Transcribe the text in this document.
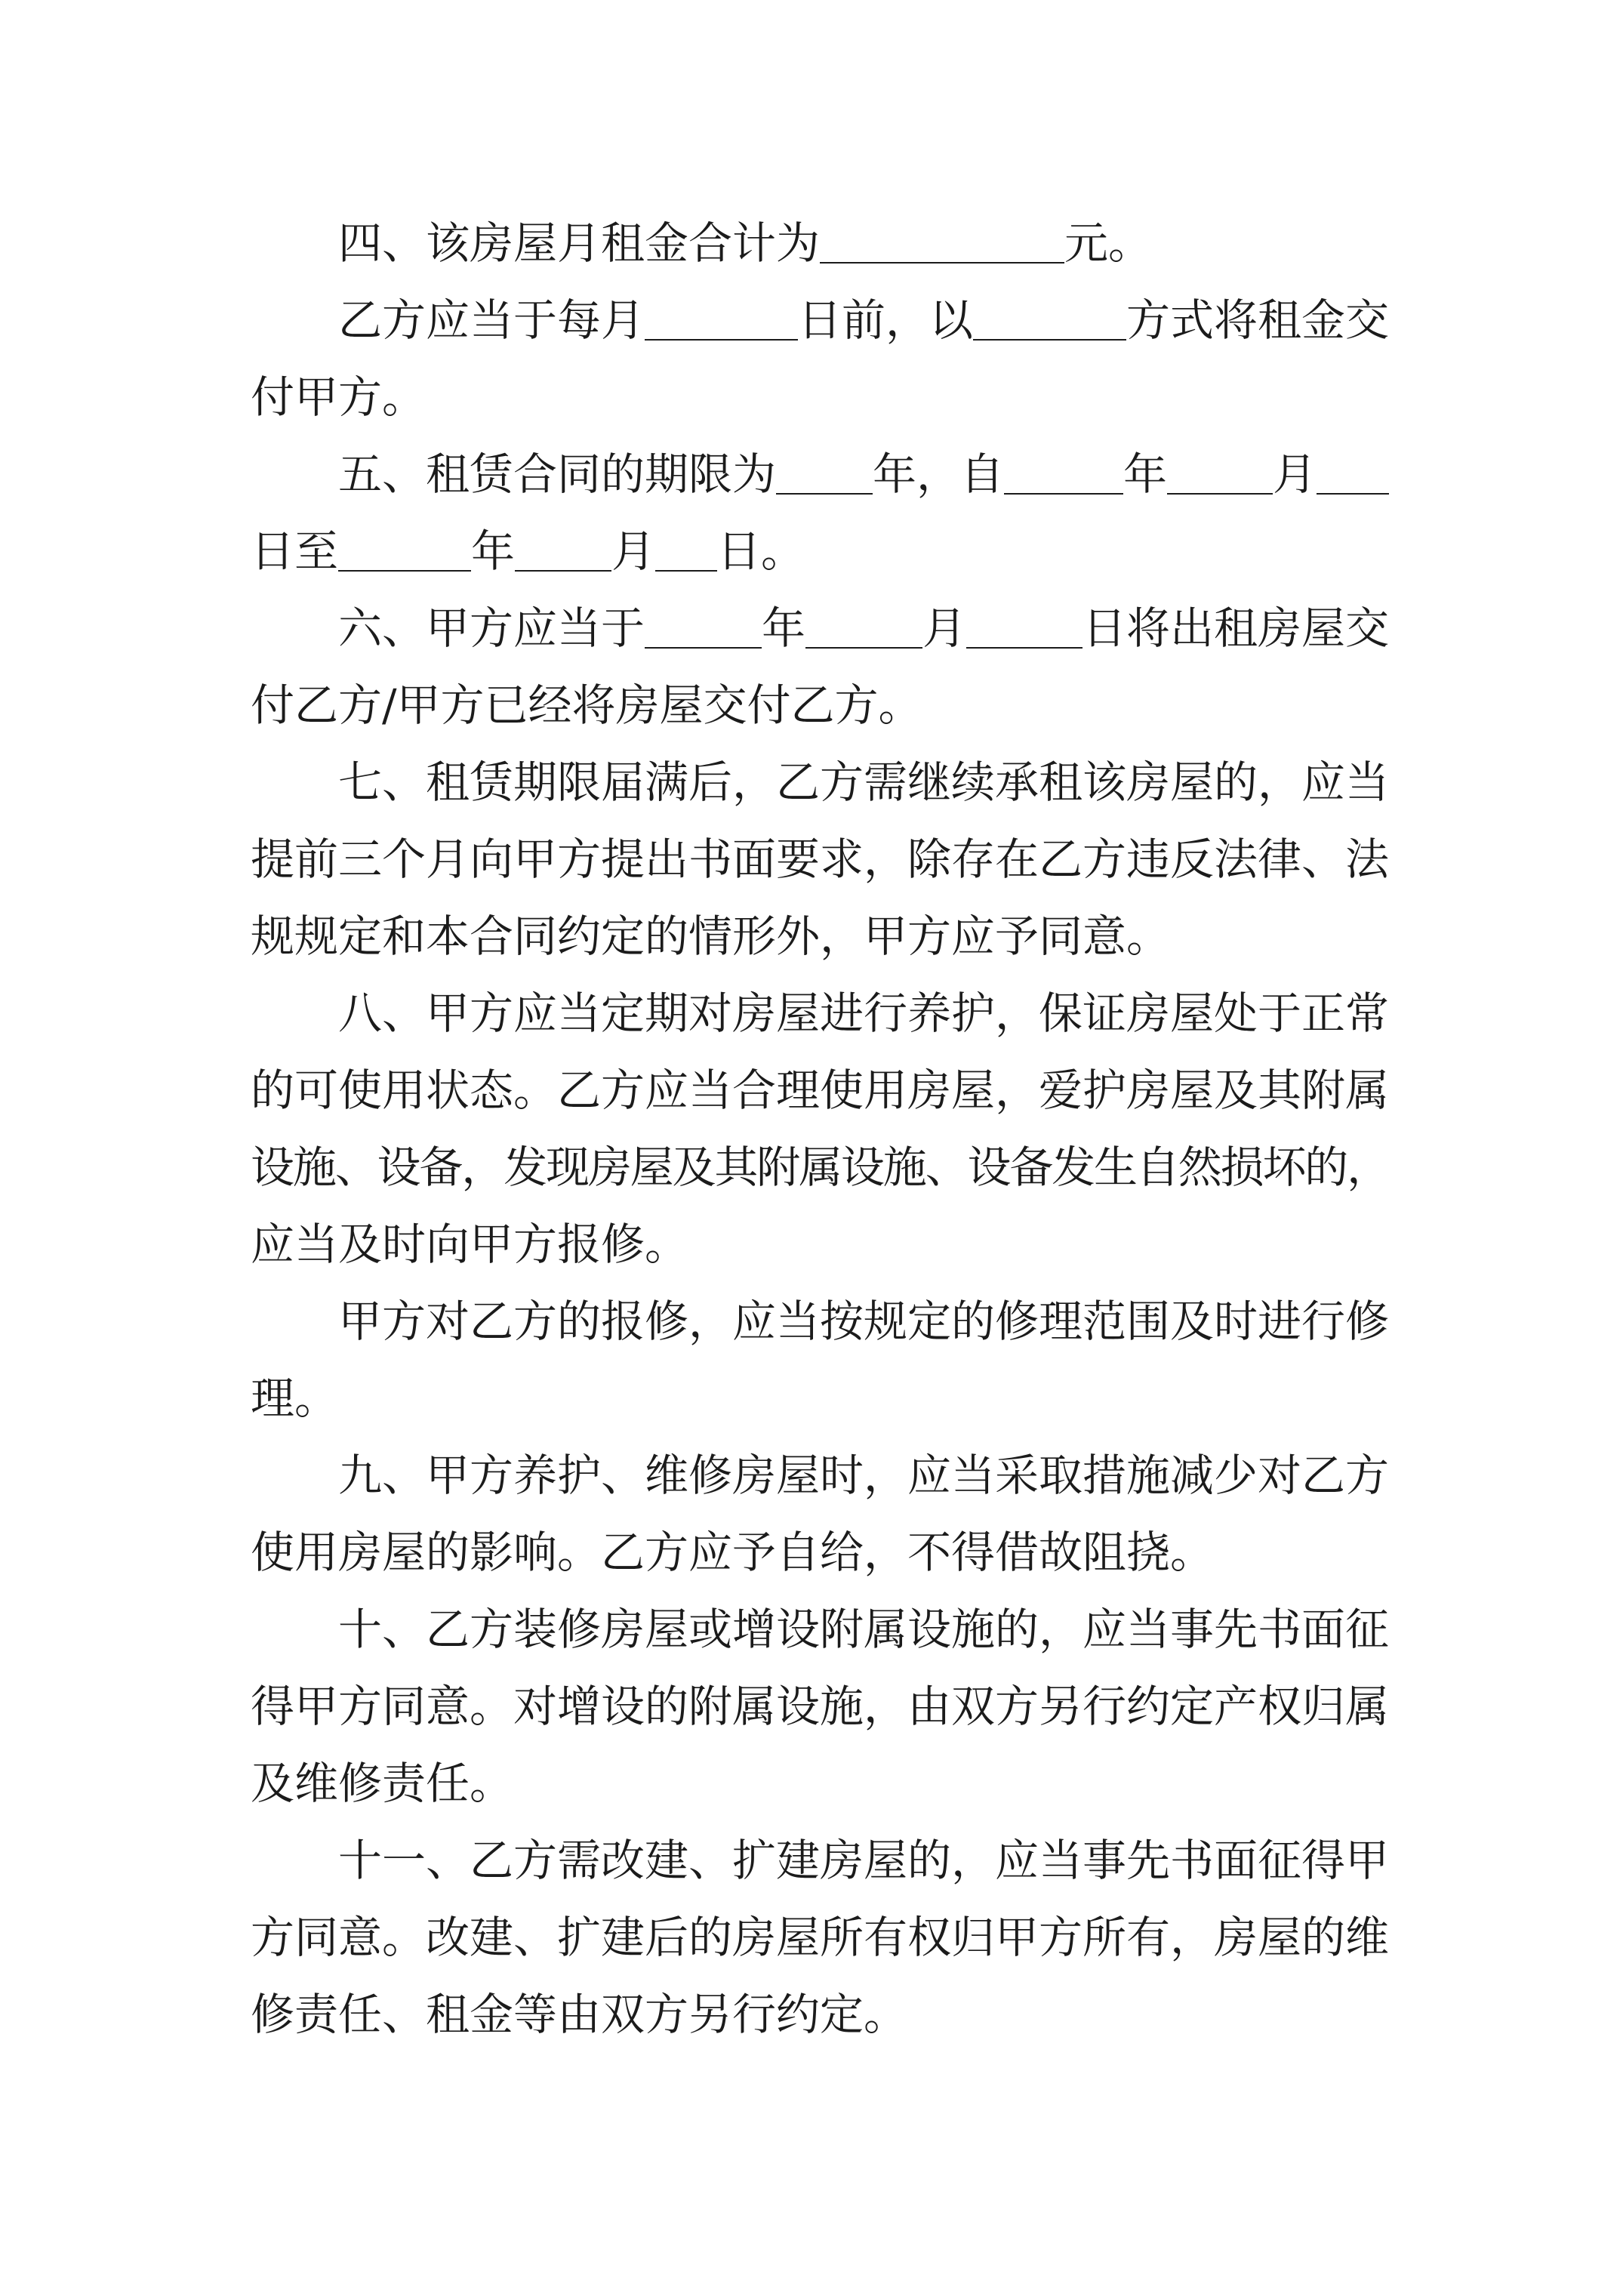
四、该房屋月租金合计为	元。
乙方应当于每月	日前，以	方式将租金交
付甲方。
五、租赁合同的期限为 年，自	年 月
日至	年 月 日。
六、甲方应当于	年	月	日将出租房屋交
付乙方/甲方已经将房屋交付乙方。
七、租赁期限届满后，乙方需继续承租该房屋的，应当
提前三个月向甲方提出书面要求，除存在乙方违反法律、法
规规定和本合同约定的情形外，甲方应予同意。
八、甲方应当定期对房屋进行养护，保证房屋处于正常
的可使用状态。乙方应当合理使用房屋，爱护房屋及其附属
设施、设备，发现房屋及其附属设施、设备发生自然损坏的，
应当及时向甲方报修。
甲方对乙方的报修，应当按规定的修理范围及时进行修
理。
九、甲方养护、维修房屋时，应当采取措施减少对乙方
使用房屋的影响。乙方应予自给，不得借故阻挠。
十、乙方装修房屋或增设附属设施的，应当事先书面征
得甲方同意。对增设的附属设施，由双方另行约定产权归属
及维修责任。
十一、乙方需改建、扩建房屋的，应当事先书面征得甲
方同意。改建、扩建后的房屋所有权归甲方所有，房屋的维
修责任、租金等由双方另行约定。
